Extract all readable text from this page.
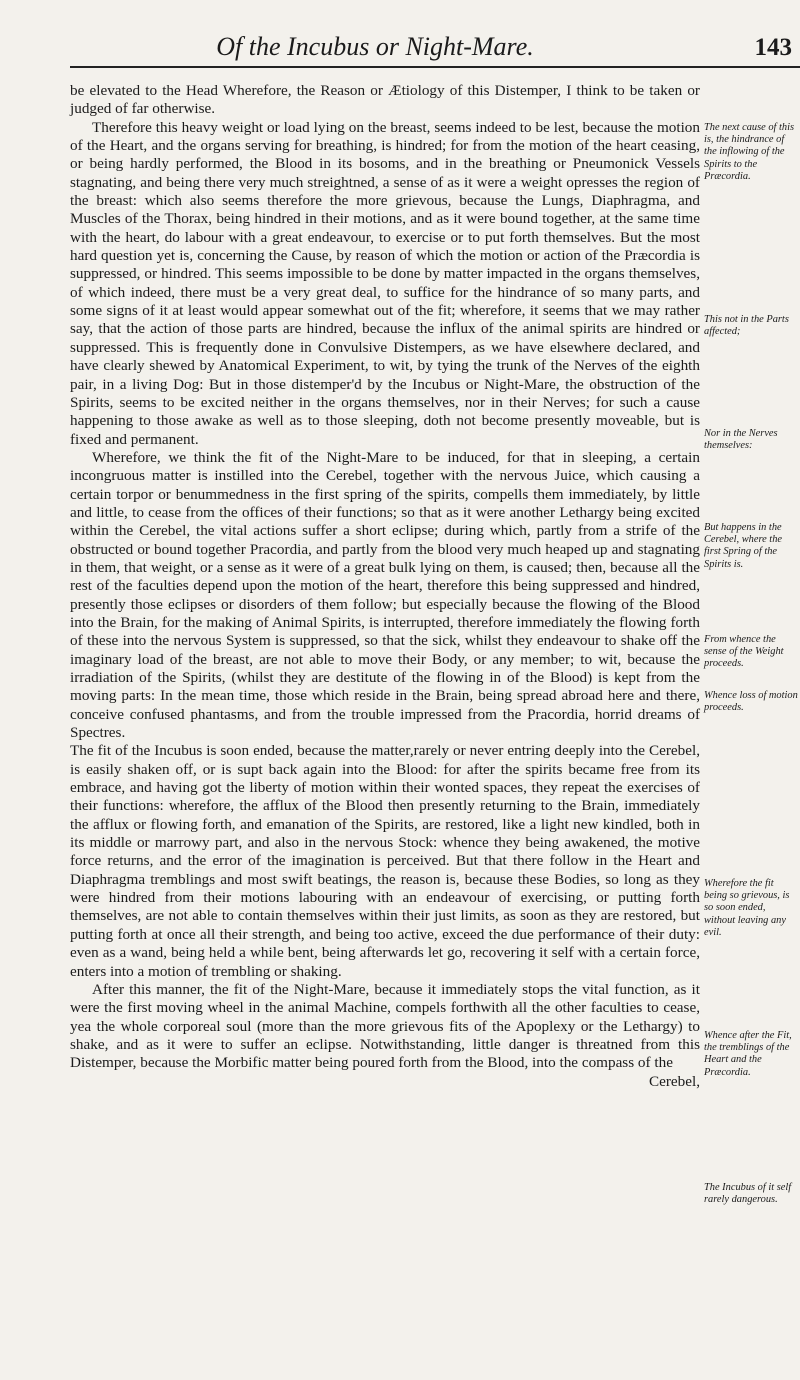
Of the Incubus or Night-Mare.	143

be elevated to the Head Wherefore, the Reason or Ætiology of this Distemper, I think to be taken or judged of far otherwise.

Therefore this heavy weight or load lying on the breast, seems indeed to be lest, because the motion of the Heart, and the organs serving for breathing, is hindred; for from the motion of the heart ceasing, or being hardly performed, the Blood in its bosoms, and in the breathing or Pneumonick Vessels stagnating, and being there very much streightned, a sense of as it were a weight opresses the region of the breast: which also seems therefore the more grievous, because the Lungs, Diaphragma, and Muscles of the Thorax, being hindred in their motions, and as it were bound together, at the same time with the heart, do labour with a great endeavour, to exercise or to put forth themselves. But the most hard question yet is, concerning the Cause, by reason of which the motion or action of the Præcordia is suppressed, or hindred. This seems impossible to be done by matter impacted in the organs themselves, of which indeed, there must be a very great deal, to suffice for the hindrance of so many parts, and some signs of it at least would appear somewhat out of the fit; wherefore, it seems that we may rather say, that the action of those parts are hindred, because the influx of the animal spirits are hindred or suppressed. This is frequently done in Convulsive Distempers, as we have elsewhere declared, and have clearly shewed by Anatomical Experiment, to wit, by tying the trunk of the Nerves of the eighth pair, in a living Dog: But in those distemper'd by the Incubus or Night-Mare, the obstruction of the Spirits, seems to be excited neither in the organs themselves, nor in their Nerves; for such a cause happening to those awake as well as to those sleeping, doth not become presently moveable, but is fixed and permanent.

Wherefore, we think the fit of the Night-Mare to be induced, for that in sleeping, a certain incongruous matter is instilled into the Cerebel, together with the nervous Juice, which causing a certain torpor or benummedness in the first spring of the spirits, compells them immediately, by little and little, to cease from the offices of their functions; so that as it were another Lethargy being excited within the Cerebel, the vital actions suffer a short eclipse; during which, partly from a strife of the obstructed or bound together Pracordia, and partly from the blood very much heaped up and stagnating in them, that weight, or a sense as it were of a great bulk lying on them, is caused; then, because all the rest of the faculties depend upon the motion of the heart, therefore this being suppressed and hindred, presently those eclipses or disorders of them follow; but especially because the flowing of the Blood into the Brain, for the making of Animal Spirits, is interrupted, therefore immediately the flowing forth of these into the nervous System is suppressed, so that the sick, whilst they endeavour to shake off the imaginary load of the breast, are not able to move their Body, or any member; to wit, because the irradiation of the Spirits, (whilst they are destitute of the flowing in of the Blood) is kept from the moving parts: In the mean time, those which reside in the Brain, being spread abroad here and there, conceive confused phantasms, and from the trouble impressed from the Pracordia, horrid dreams of Spectres.

The fit of the Incubus is soon ended, because the matter,rarely or never entring deeply into the Cerebel, is easily shaken off, or is supt back again into the Blood: for after the spirits became free from its embrace, and having got the liberty of motion within their wonted spaces, they repeat the exercises of their functions: wherefore, the afflux of the Blood then presently returning to the Brain, immediately the afflux or flowing forth, and emanation of the Spirits, are restored, like a light new kindled, both in its middle or marrowy part, and also in the nervous Stock: whence they being awakened, the motive force returns, and the error of the imagination is perceived. But that there follow in the Heart and Diaphragma tremblings and most swift beatings, the reason is, because these Bodies, so long as they were hindred from their motions labouring with an endeavour of exercising, or putting forth themselves, are not able to contain themselves within their just limits, as soon as they are restored, but putting forth at once all their strength, and being too active, exceed the due performance of their duty: even as a wand, being held a while bent, being afterwards let go, recovering it self with a certain force, enters into a motion of trembling or shaking.

After this manner, the fit of the Night-Mare, because it immediately stops the vital function, as it were the first moving wheel in the animal Machine, compels forthwith all the other faculties to cease, yea the whole corporeal soul (more than the more grievous fits of the Apoplexy or the Lethargy) to shake, and as it were to suffer an eclipse. Notwithstanding, little danger is threatned from this Distemper, because the Morbific matter being poured forth from the Blood, into the compass of the

Cerebel,

The next cause of this is, the hindrance of the inflowing of the Spirits to the Præcordia.
This not in the Parts affected;
Nor in the Nerves themselves:
But happens in the Cerebel, where the first Spring of the Spirits is.
From whence the sense of the Weight proceeds.
Whence loss of motion proceeds.
Wherefore the fit being so grievous, is so soon ended, without leaving any evil.
Whence after the Fit, the tremblings of the Heart and the Præcordia.
The Incubus of it self rarely dangerous.
